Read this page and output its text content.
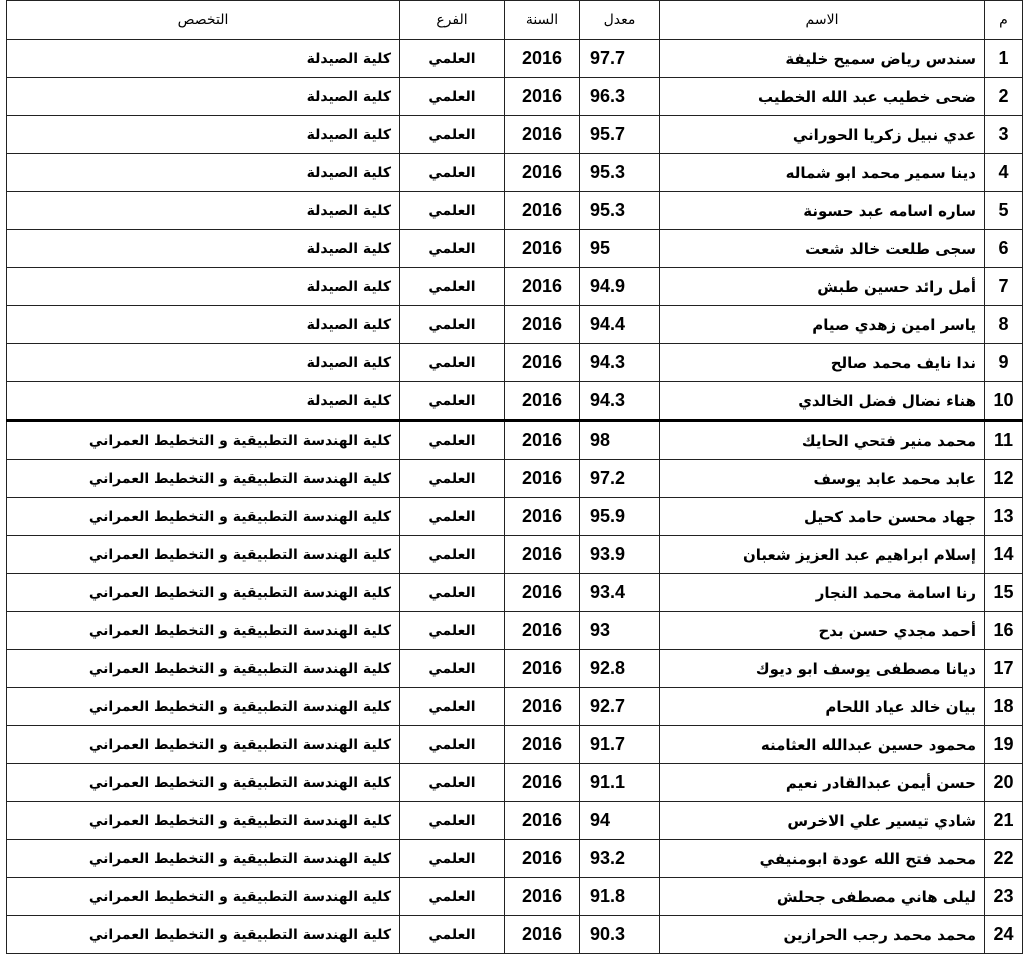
م	الاسم	معدل	السنة	الفرع	التخصص
1	سندس رياض سميح خليفة	97.7	2016	العلمي	كلية الصيدلة
2	ضحى خطيب عبد الله الخطيب	96.3	2016	العلمي	كلية الصيدلة
3	عدي نبيل زكريا الحوراني	95.7	2016	العلمي	كلية الصيدلة
4	دينا سمير محمد ابو شماله	95.3	2016	العلمي	كلية الصيدلة
5	ساره اسامه عبد حسونة	95.3	2016	العلمي	كلية الصيدلة
6	سجى طلعت خالد شعت	95	2016	العلمي	كلية الصيدلة
7	أمل رائد حسين طبش	94.9	2016	العلمي	كلية الصيدلة
8	ياسر امين زهدي صيام	94.4	2016	العلمي	كلية الصيدلة
9	ندا نايف محمد صالح	94.3	2016	العلمي	كلية الصيدلة
10	هناء نضال فضل الخالدي	94.3	2016	العلمي	كلية الصيدلة
11	محمد منير فتحي الحايك	98	2016	العلمي	كلية الهندسة التطبيقية و التخطيط العمراني
12	عابد محمد عابد يوسف	97.2	2016	العلمي	كلية الهندسة التطبيقية و التخطيط العمراني
13	جهاد محسن حامد كحيل	95.9	2016	العلمي	كلية الهندسة التطبيقية و التخطيط العمراني
14	إسلام ابراهيم عبد العزيز شعبان	93.9	2016	العلمي	كلية الهندسة التطبيقية و التخطيط العمراني
15	رنا اسامة محمد النجار	93.4	2016	العلمي	كلية الهندسة التطبيقية و التخطيط العمراني
16	أحمد مجدي حسن بدح	93	2016	العلمي	كلية الهندسة التطبيقية و التخطيط العمراني
17	ديانا مصطفى يوسف ابو ديوك	92.8	2016	العلمي	كلية الهندسة التطبيقية و التخطيط العمراني
18	بيان خالد عياد اللحام	92.7	2016	العلمي	كلية الهندسة التطبيقية و التخطيط العمراني
19	محمود حسين عبدالله العثامنه	91.7	2016	العلمي	كلية الهندسة التطبيقية و التخطيط العمراني
20	حسن أيمن عبدالقادر نعيم	91.1	2016	العلمي	كلية الهندسة التطبيقية و التخطيط العمراني
21	شادي تيسير علي الاخرس	94	2016	العلمي	كلية الهندسة التطبيقية و التخطيط العمراني
22	محمد فتح الله عودة ابومنيفي	93.2	2016	العلمي	كلية الهندسة التطبيقية و التخطيط العمراني
23	ليلى هاني مصطفى جحلش	91.8	2016	العلمي	كلية الهندسة التطبيقية و التخطيط العمراني
24	محمد محمد رجب الحرازين	90.3	2016	العلمي	كلية الهندسة التطبيقية و التخطيط العمراني
